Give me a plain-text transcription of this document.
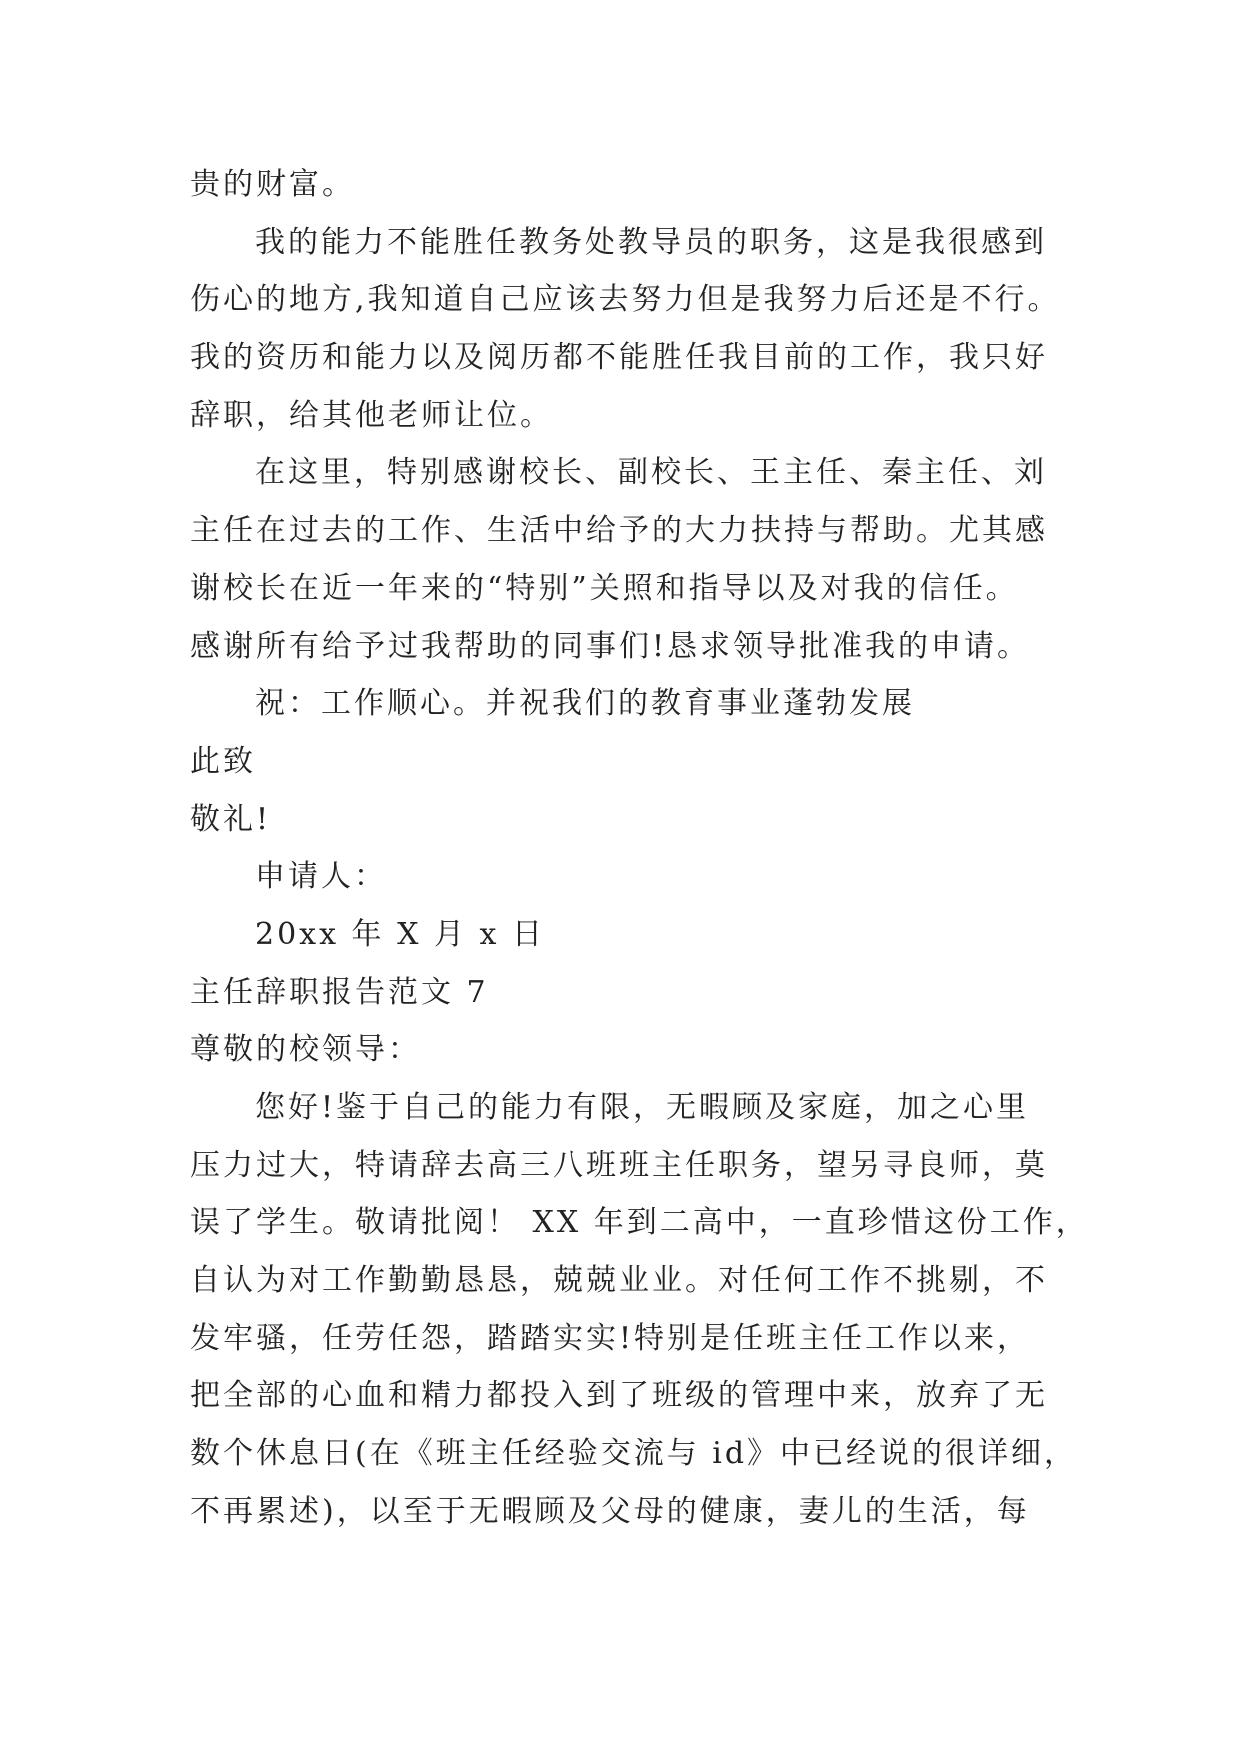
贵的财富。
我的能力不能胜任教务处教导员的职务，这是我很感到
伤心的地方,我知道自己应该去努力但是我努力后还是不行。
我的资历和能力以及阅历都不能胜任我目前的工作，我只好
辞职，给其他老师让位。
在这里，特别感谢校长、副校长、王主任、秦主任、刘
主任在过去的工作、生活中给予的大力扶持与帮助。尤其感
谢校长在近一年来的“特别”关照和指导以及对我的信任。
感谢所有给予过我帮助的同事们!恳求领导批准我的申请。
祝：工作顺心。并祝我们的教育事业蓬勃发展
此致
敬礼!
申请人：
20xx 年 X 月 x 日
主任辞职报告范文 7
尊敬的校领导：
您好!鉴于自己的能力有限，无暇顾及家庭，加之心里
压力过大，特请辞去高三八班班主任职务，望另寻良师，莫
误了学生。敬请批阅！ XX 年到二高中，一直珍惜这份工作，
自认为对工作勤勤恳恳，兢兢业业。对任何工作不挑剔，不
发牢骚，任劳任怨，踏踏实实!特别是任班主任工作以来，
把全部的心血和精力都投入到了班级的管理中来，放弃了无
数个休息日(在《班主任经验交流与 id》中已经说的很详细，
不再累述)，以至于无暇顾及父母的健康，妻儿的生活，每
